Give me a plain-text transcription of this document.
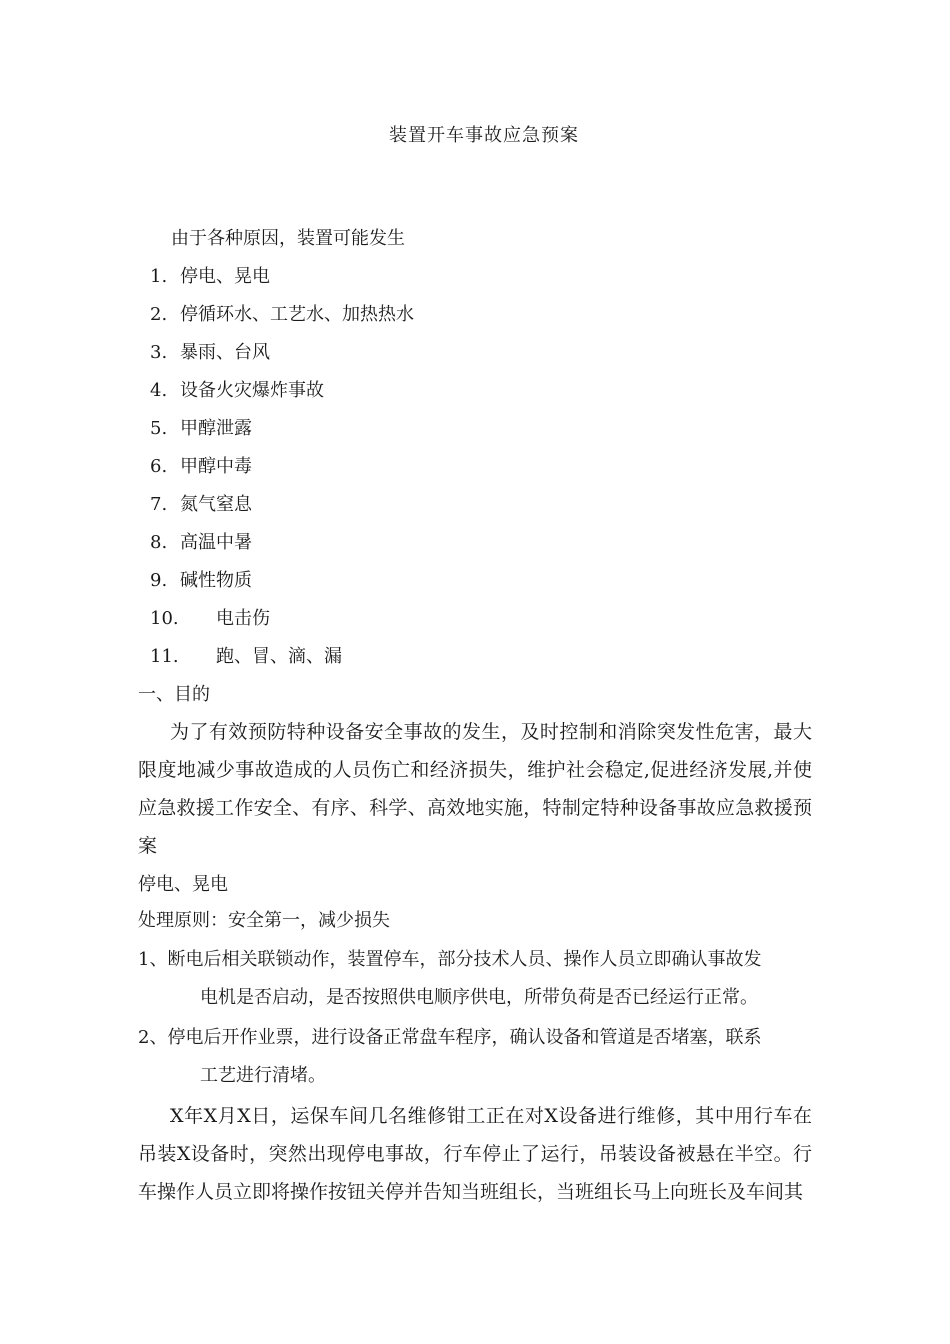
装置开车事故应急预案
由于各种原因，装置可能发生
1. 停电、晃电
2. 停循环水、工艺水、加热热水
3. 暴雨、台风
4. 设备火灾爆炸事故
5. 甲醇泄露
6. 甲醇中毒
7. 氮气窒息
8. 高温中暑
9. 碱性物质
10. 电击伤
11. 跑、冒、滴、漏
一、目的
为了有效预防特种设备安全事故的发生，及时控制和消除突发性危害，最大限度地减少事故造成的人员伤亡和经济损失，维护社会稳定,促进经济发展,并使应急救援工作安全、有序、科学、高效地实施，特制定特种设备事故应急救援预案
停电、晃电
处理原则：安全第一，减少损失
1、断电后相关联锁动作，装置停车，部分技术人员、操作人员立即确认事故发
电机是否启动，是否按照供电顺序供电，所带负荷是否已经运行正常。
2、停电后开作业票，进行设备正常盘车程序，确认设备和管道是否堵塞，联系
工艺进行清堵。
X年X月X日，运保车间几名维修钳工正在对X设备进行维修，其中用行车在吊装X设备时，突然出现停电事故，行车停止了运行，吊装设备被悬在半空。行车操作人员立即将操作按钮关停并告知当班组长，当班组长马上向班长及车间其
